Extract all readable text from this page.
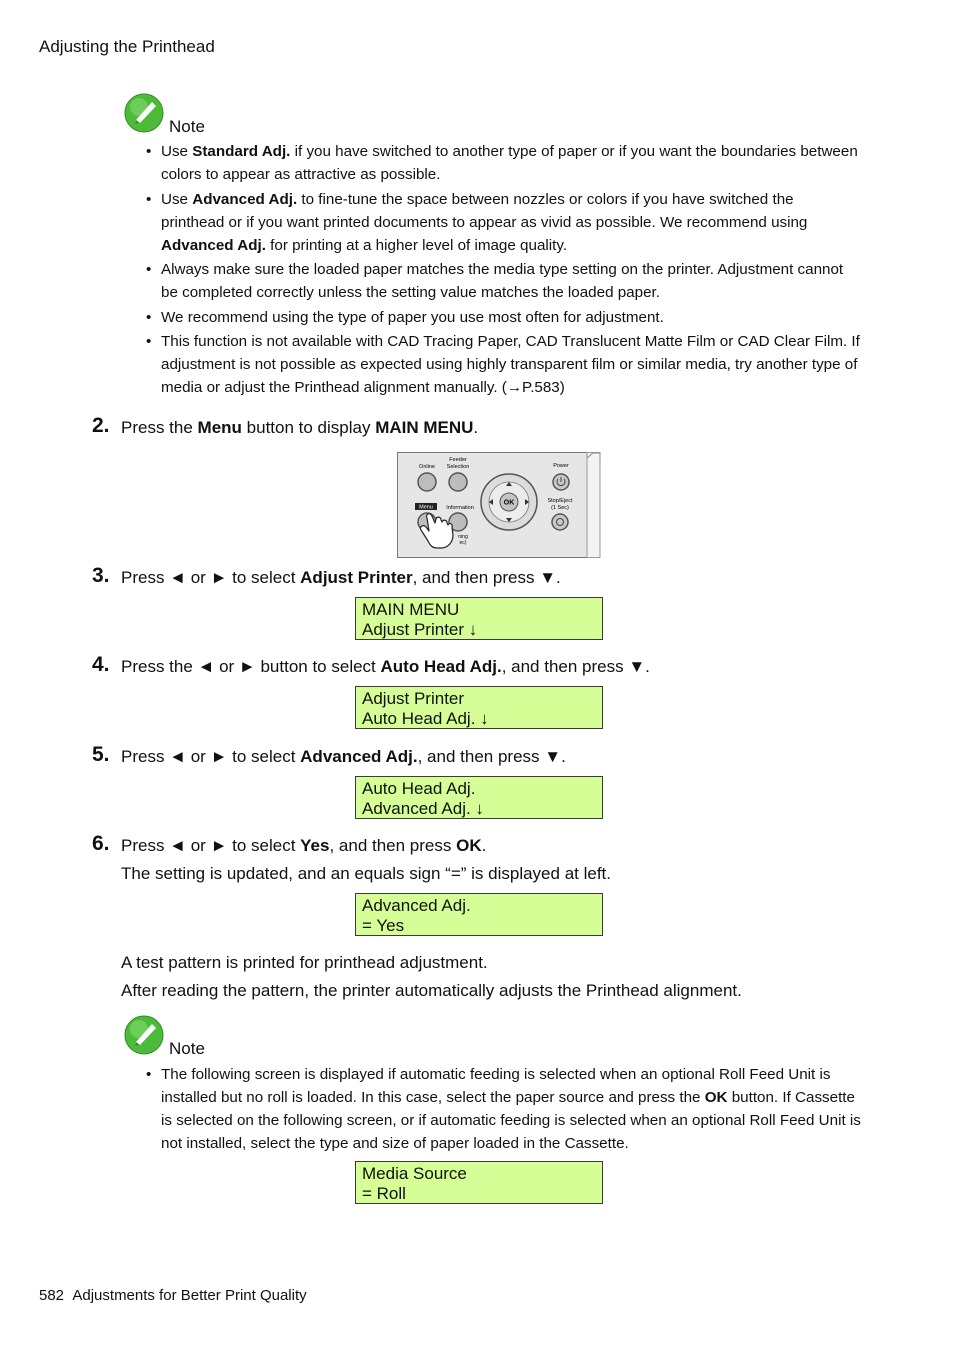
Adjusting the Printhead
Note
• Use Standard Adj. if you have switched to another type of paper or if you want the boundaries between colors to appear as attractive as possible.
• Use Advanced Adj. to fine-tune the space between nozzles or colors if you have switched the printhead or if you want printed documents to appear as vivid as possible. We recommend using Advanced Adj. for printing at a higher level of image quality.
• Always make sure the loaded paper matches the media type setting on the printer. Adjustment cannot be completed correctly unless the setting value matches the loaded paper.
• We recommend using the type of paper you use most often for adjustment.
• This function is not available with CAD Tracing Paper, CAD Translucent Matte Film or CAD Clear Film. If adjustment is not possible as expected using highly transparent film or similar media, try another type of media or adjust the Printhead alignment manually. (→P.583)
2. Press the Menu button to display MAIN MENU.
Online
Feeder
Selection	Power
OK	Stop/Eject
(1 Sec)
Menu Information
ning
ec)
3. Press ◄ or ► to select Adjust Printer, and then press ▼.
MAIN MENU
Adjust Printer ↓
4. Press the ◄ or ► button to select Auto Head Adj., and then press ▼.
Adjust Printer
Auto Head Adj. ↓
5. Press ◄ or ► to select Advanced Adj., and then press ▼.
Auto Head Adj.
Advanced Adj. ↓
6. Press ◄ or ► to select Yes, and then press OK.
The setting is updated, and an equals sign “=” is displayed at left.
Advanced Adj.
= Yes
A test pattern is printed for printhead adjustment.
After reading the pattern, the printer automatically adjusts the Printhead alignment.
Note
• The following screen is displayed if automatic feeding is selected when an optional Roll Feed Unit is installed but no roll is loaded. In this case, select the paper source and press the OK button. If Cassette is selected on the following screen, or if automatic feeding is selected when an optional Roll Feed Unit is not installed, select the type and size of paper loaded in the Cassette.
Media Source
= Roll
582 Adjustments for Better Print Quality
